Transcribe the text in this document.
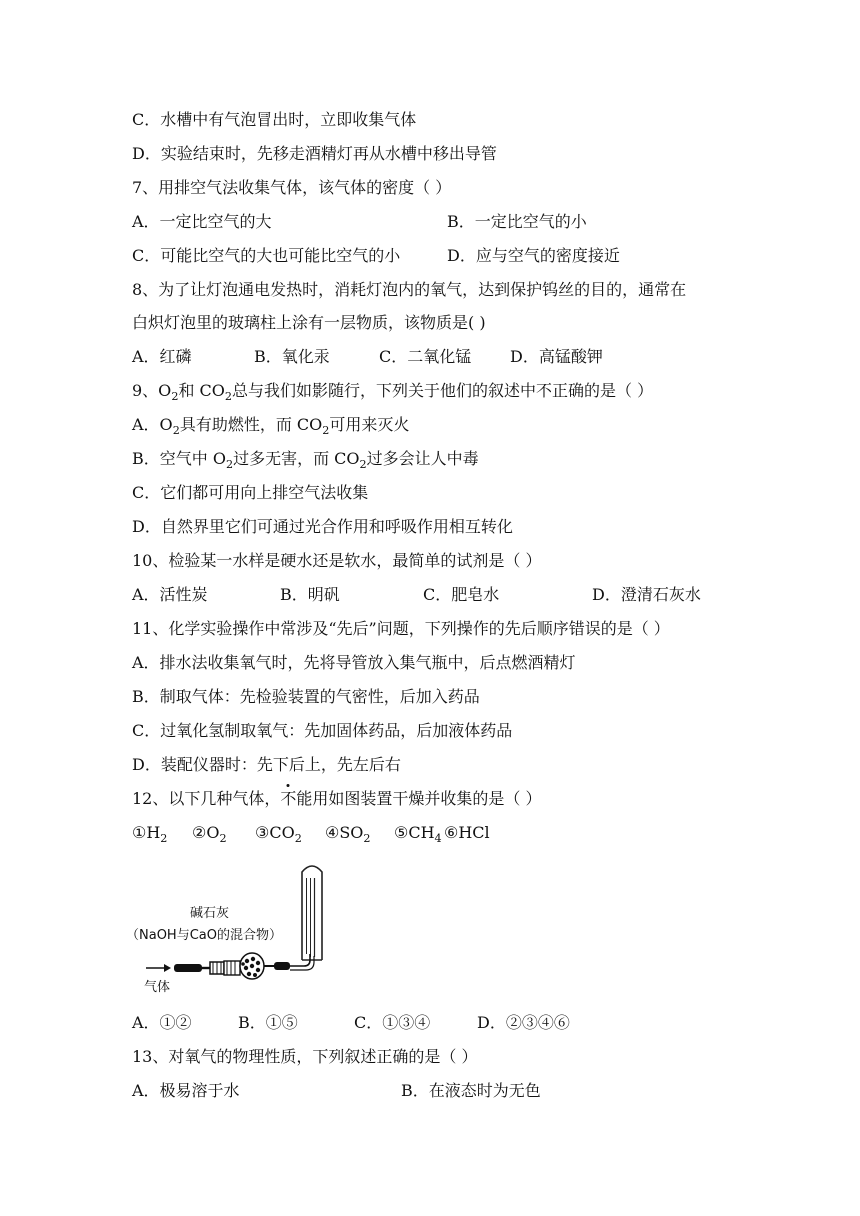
C．水槽中有气泡冒出时，立即收集气体
D．实验结束时，先移走酒精灯再从水槽中移出导管
7、用排空气法收集气体，该气体的密度（ ）
A．一定比空气的大	B．一定比空气的小
C．可能比空气的大也可能比空气的小	D．应与空气的密度接近
8、为了让灯泡通电发热时，消耗灯泡内的氧气，达到保护钨丝的目的，通常在
白炽灯泡里的玻璃柱上涂有一层物质，该物质是( )
A．红磷	B．氧化汞	C．二氧化锰 D．高锰酸钾
9、$O_2$和 $CO_2$总与我们如影随行，下列关于他们的叙述中不正确的是（ ）
A．$O_2$具有助燃性，而 $CO_2$可用来灭火
B．空气中 $O_2$过多无害，而 $CO_2$过多会让人中毒
C．它们都可用向上排空气法收集
D．自然界里它们可通过光合作用和呼吸作用相互转化
10、检验某一水样是硬水还是软水，最简单的试剂是（ ）
A．活性炭	B．明矾	C．肥皂水	D．澄清石灰水
11、化学实验操作中常涉及“先后”问题，下列操作的先后顺序错误的是（ ）
A．排水法收集氧气时，先将导管放入集气瓶中，后点燃酒精灯
B．制取气体：先检验装置的气密性，后加入药品
C．过氧化氢制取氧气：先加固体药品，后加液体药品
D．装配仪器时：先下后上，先左后右
12、以下几种气体，不能用如图装置干燥并收集的是（ ）
$①H_2$ $②O_2$ $③CO_2$ $④SO_2$ $⑤CH_4$ ⑥HCl
碱石灰
（NaOH与CaO的混合物）
气体
A．①②	B．①⑤	C．①③④	D．②③④⑥
13、对氧气的物理性质，下列叙述正确的是（ ）
A．极易溶于水	B．在液态时为无色
